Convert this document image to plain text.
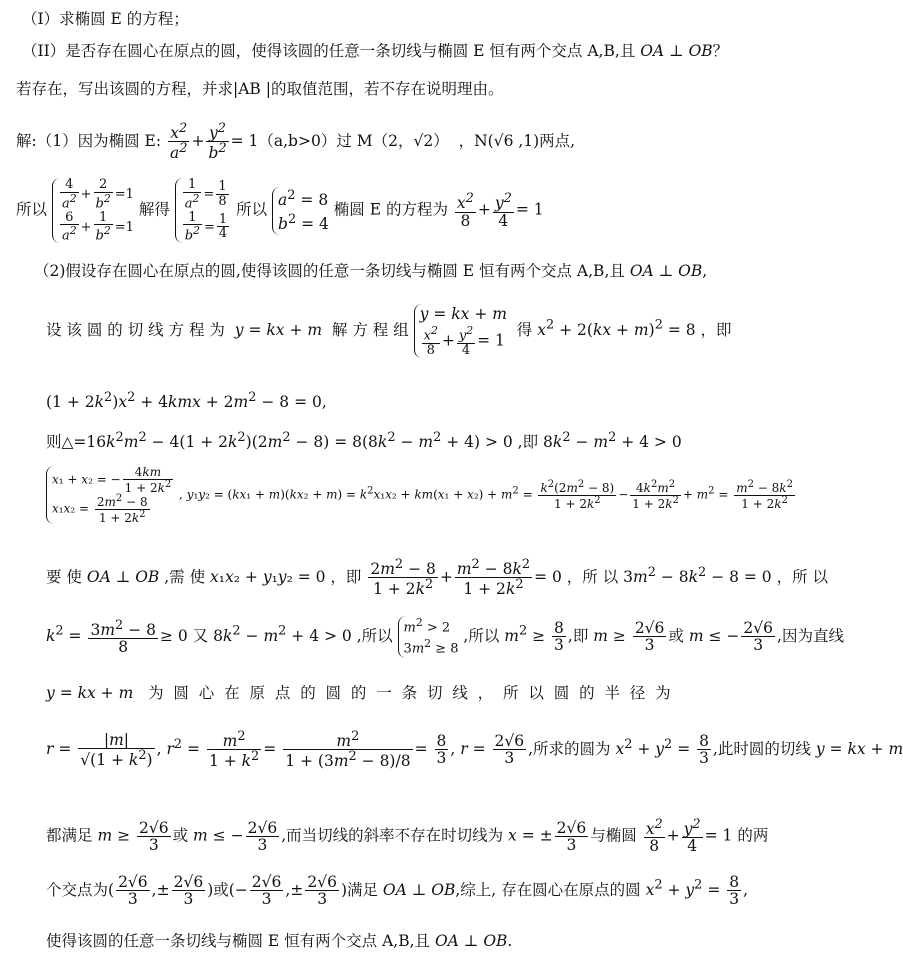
（I）求椭圆 E 的方程；
（II）是否存在圆心在原点的圆，使得该圆的任意一条切线与椭圆 E 恒有两个交点 A,B,且 OA ⊥ OB？
若存在，写出该圆的方程，并求|AB |的取值范围，若不存在说明理由。
解:（1）因为椭圆 E: $\frac{x^2}{a^2} + \frac{y^2}{b^2} = 1(a,b>0)$过 M（2，√2）  ，N(√6 ,1)两点,
所以 $\frac{4}{a^2} + \frac{2}{b^2} =1$
$\frac{6}{a^2} + \frac{1}{b^2} =1$
解得 $\frac{1}{a^2} = \frac{1}{8}$
$\frac{1}{b^2} = \frac{1}{4}$
所以
$a^2 = 8$
$b^2 = 4$
椭圆 E 的方程为 $\frac{x^2}{8} + \frac{y^2}{4} = 1$
（2)假设存在圆心在原点的圆,使得该圆的任意一条切线与椭圆 E 恒有两个交点 A,B,且 OA ⊥ OB,
设 该 圆 的 切 线 方 程 为  y = kx + m  解 方 程 组
y = kx + m
$\frac{x^2}{8} + \frac{y^2}{4} = 1$
得 $x^2 + 2(kx + m)^2 = 8$ ，即
$(1 + 2k^2)x^2 + 4kmx + 2m^2 - 8 = 0$,
则$\triangle=16k^2m^2 - 4(1 + 2k^2)(2m^2 - 8) = 8(8k^2 - m^2 + 4) > 0$ ,即 $8k^2 - m^2 + 4 > 0$
x₁ + x₂ = − $\frac{4km}{1 + 2k^2}$
$x_1x_2 = \frac{2m^2 - 8}{1 + 2k^2}$ , $y_1y_2 = (kx_1 + m)(kx_2 + m) = k^2x_1x_2 + km(x_1 + x_2) + m^2 = \frac{k^2(2m^2 - 8)}{1 + 2k^2} - \frac{4k^2m^2}{1 + 2k^2} + m^2 = \frac{m^2 - 8k^2}{1 + 2k^2}$
要 使 OA ⊥ OB ,需 使 x₁x₂ + y₁y₂ = 0 ，即 $\frac{2m^2 - 8}{1 + 2k^2} + \frac{m^2 - 8k^2}{1 + 2k^2} = 0$ ，所 以 $3m^2 - 8k^2 - 8 = 0$ ，所 以
$k^2 = \frac{3m^2 - 8}{8} \ge 0$ 又 $8k^2 - m^2 + 4 > 0$ ,所以 $m^2 > 2$
$3m^2 \ge 8$
,所以 $m^2 \ge \frac{8}{3}$ ,即 $m \ge \frac{2√6}{3}$ 或 m ≤ − $\frac{2√6}{3}$ ,因为直线
y = kx + m   为  圆  心  在  原  点  的  圆  的  一  条  切  线  ，  所  以  圆  的  半  径  为
$r = \frac{|m|}{√(1 + k^2)}$ , $r^2 = \frac{m^2}{1 + k^2} = \frac{m^2}{1 + (3m^2 - 8)/8} = \frac{8}{3}$ , $r = \frac{2√6}{3}$ ,所求的圆为 $x^2 + y^2 = \frac{8}{3}$ ,此时圆的切线 y = kx + m
都满足 $m \ge \frac{2√6}{3}$ 或 m ≤ − $\frac{2√6}{3}$ ,而当切线的斜率不存在时切线为 x = ± $\frac{2√6}{3}$ 与椭圆 $\frac{x^2}{8} + \frac{y^2}{4} = 1$ 的两
个交点为( $\frac{2√6}{3}$ ,± $\frac{2√6}{3}$ )或(− $\frac{2√6}{3}$ ,± $\frac{2√6}{3}$ )满足 OA ⊥ OB,综上, 存在圆心在原点的圆 $x^2 + y^2 = \frac{8}{3}$ ,
使得该圆的任意一条切线与椭圆 E 恒有两个交点 A,B,且 OA ⊥ OB.
